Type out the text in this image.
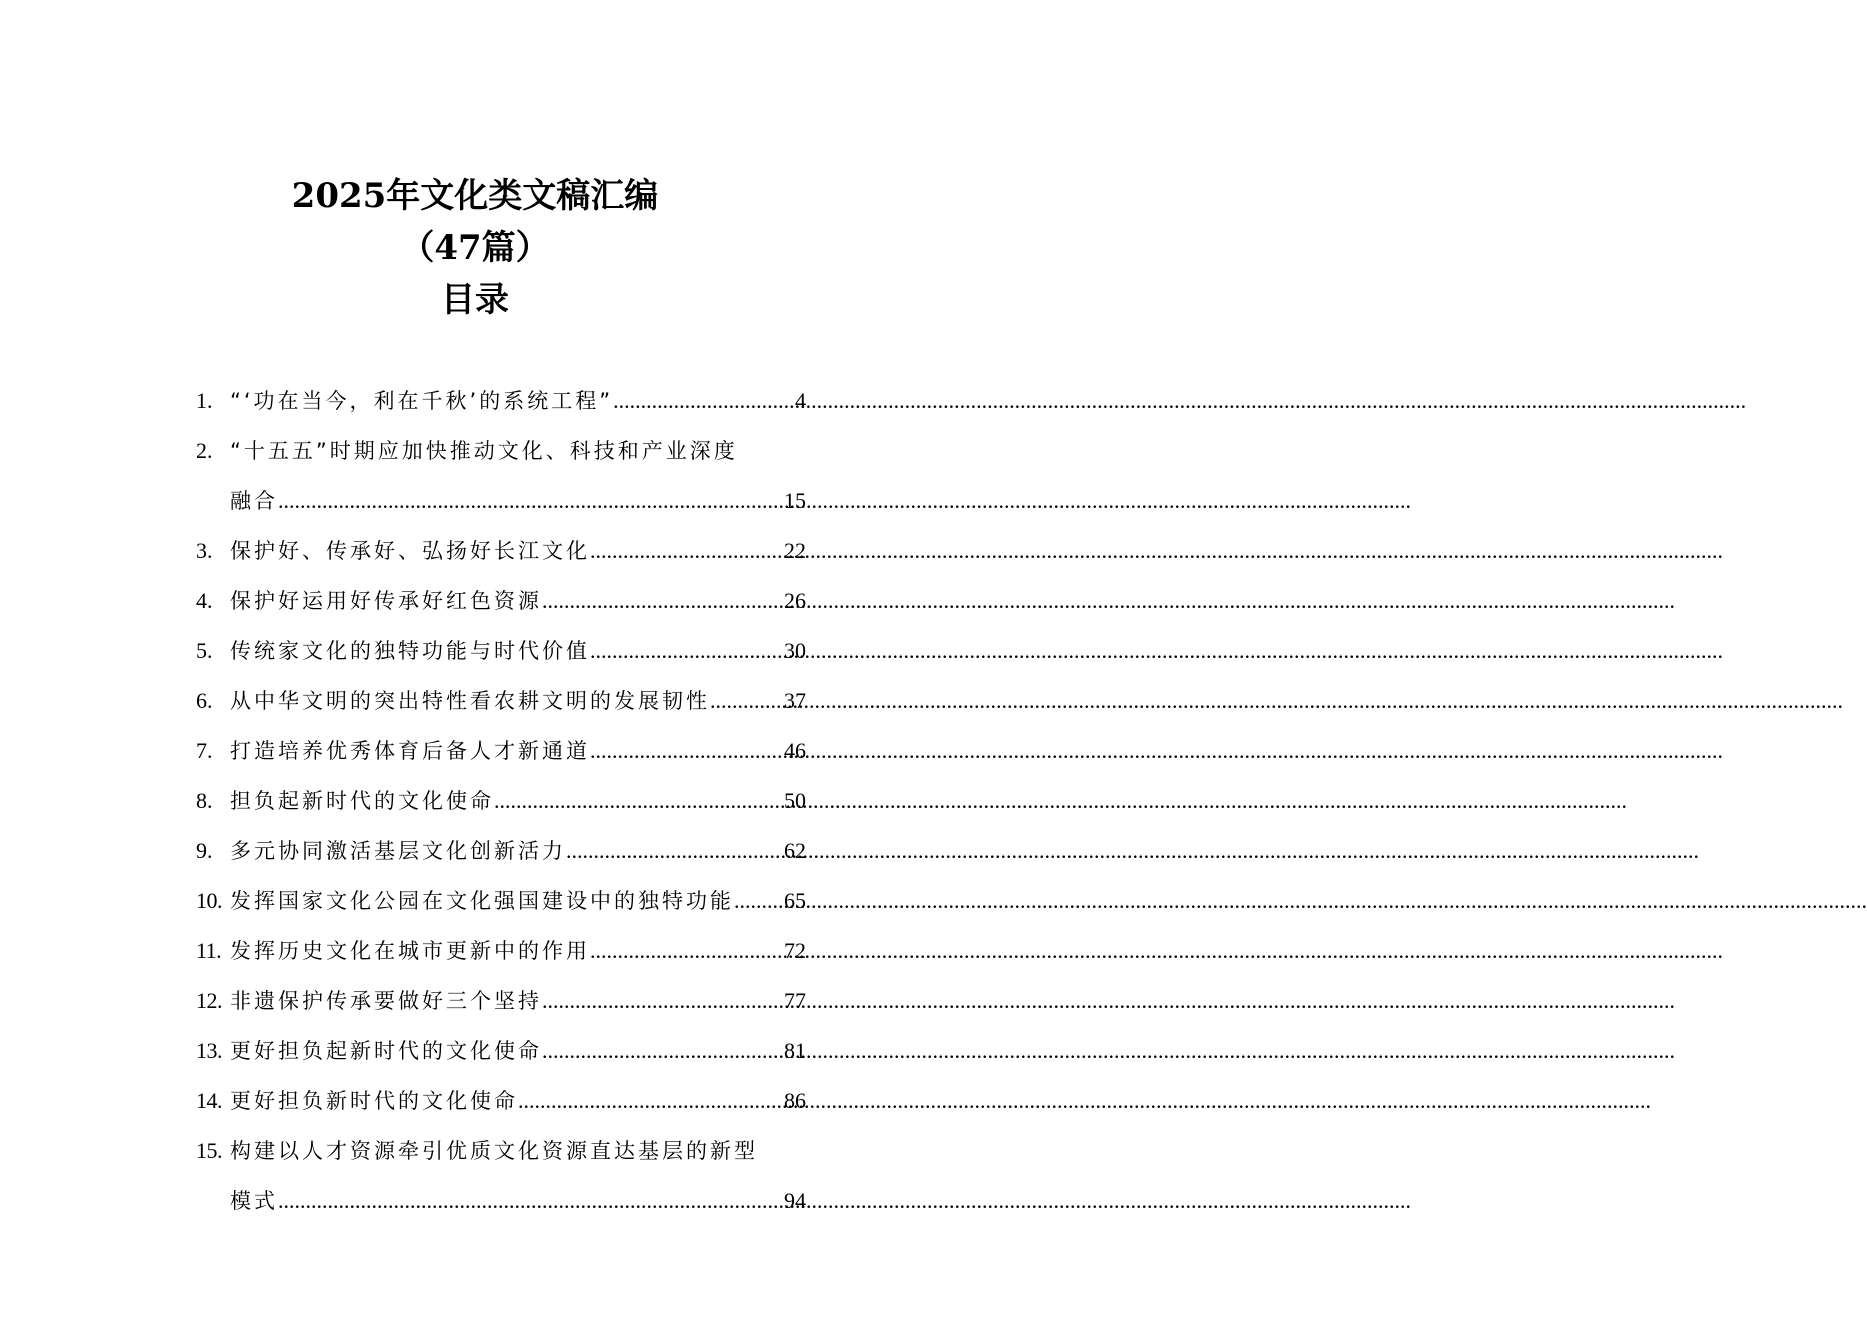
2025年文化类文稿汇编
（47篇）
目录
1. “‘功在当今，利在千秋’的系统工程” .....	4
2. “十五五”时期应加快推动文化、科技和产业深度
融合 .....	15
3. 保护好、传承好、弘扬好长江文化 .....	22
4. 保护好运用好传承好红色资源 .....	26
5. 传统家文化的独特功能与时代价值 .....	30
6. 从中华文明的突出特性看农耕文明的发展韧性 .....	37
7. 打造培养优秀体育后备人才新通道 .....	46
8. 担负起新时代的文化使命 .....	50
9. 多元协同激活基层文化创新活力 .....	62
10. 发挥国家文化公园在文化强国建设中的独特功能 ..... 65
11. 发挥历史文化在城市更新中的作用 .....	72
12. 非遗保护传承要做好三个坚持 .....	77
13. 更好担负起新时代的文化使命 .....	81
14. 更好担负新时代的文化使命 .....	86
15. 构建以人才资源牵引优质文化资源直达基层的新型
模式 .....	94
